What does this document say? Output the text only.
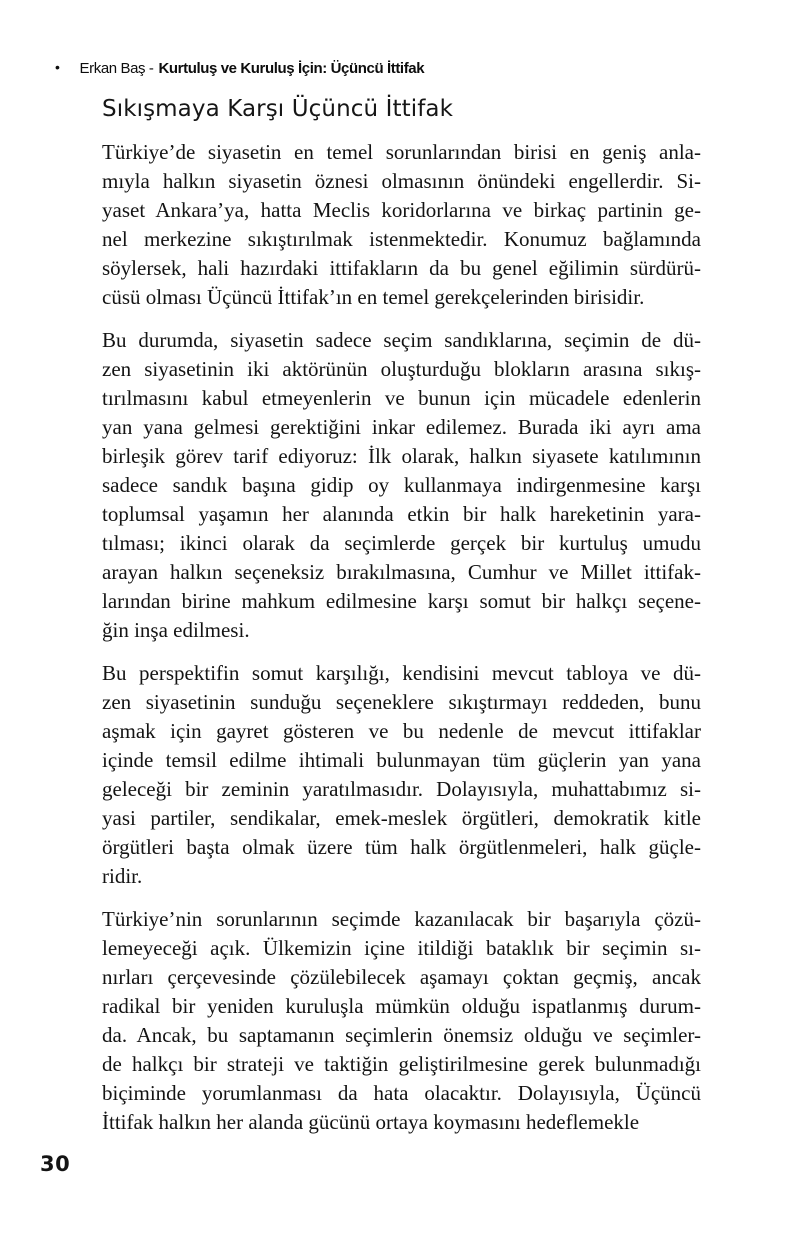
• Erkan Baş - Kurtuluş ve Kuruluş İçin: Üçüncü İttifak
Sıkışmaya Karşı Üçüncü İttifak
Türkiye’de siyasetin en temel sorunlarından birisi en geniş anla-
mıyla halkın siyasetin öznesi olmasının önündeki engellerdir. Si-
yaset Ankara’ya, hatta Meclis koridorlarına ve birkaç partinin ge-
nel merkezine sıkıştırılmak istenmektedir. Konumuz bağlamında
söylersek, hali hazırdaki ittifakların da bu genel eğilimin sürdürü-
cüsü olması Üçüncü İttifak’ın en temel gerekçelerinden birisidir.
Bu durumda, siyasetin sadece seçim sandıklarına, seçimin de dü-
zen siyasetinin iki aktörünün oluşturduğu blokların arasına sıkış-
tırılmasını kabul etmeyenlerin ve bunun için mücadele edenlerin
yan yana gelmesi gerektiğini inkar edilemez. Burada iki ayrı ama
birleşik görev tarif ediyoruz: İlk olarak, halkın siyasete katılımının
sadece sandık başına gidip oy kullanmaya indirgenmesine karşı
toplumsal yaşamın her alanında etkin bir halk hareketinin yara-
tılması; ikinci olarak da seçimlerde gerçek bir kurtuluş umudu
arayan halkın seçeneksiz bırakılmasına, Cumhur ve Millet ittifak-
larından birine mahkum edilmesine karşı somut bir halkçı seçene-
ğin inşa edilmesi.
Bu perspektifin somut karşılığı, kendisini mevcut tabloya ve dü-
zen siyasetinin sunduğu seçeneklere sıkıştırmayı reddeden, bunu
aşmak için gayret gösteren ve bu nedenle de mevcut ittifaklar
içinde temsil edilme ihtimali bulunmayan tüm güçlerin yan yana
geleceği bir zeminin yaratılmasıdır. Dolayısıyla, muhattabımız si-
yasi partiler, sendikalar, emek-meslek örgütleri, demokratik kitle
örgütleri başta olmak üzere tüm halk örgütlenmeleri, halk güçle-
ridir.
Türkiye’nin sorunlarının seçimde kazanılacak bir başarıyla çözü-
lemeyeceği açık. Ülkemizin içine itildiği bataklık bir seçimin sı-
nırları çerçevesinde çözülebilecek aşamayı çoktan geçmiş, ancak
radikal bir yeniden kuruluşla mümkün olduğu ispatlanmış durum-
da. Ancak, bu saptamanın seçimlerin önemsiz olduğu ve seçimler-
de halkçı bir strateji ve taktiğin geliştirilmesine gerek bulunmadığı
biçiminde yorumlanması da hata olacaktır. Dolayısıyla, Üçüncü
İttifak halkın her alanda gücünü ortaya koymasını hedeflemekle
30
